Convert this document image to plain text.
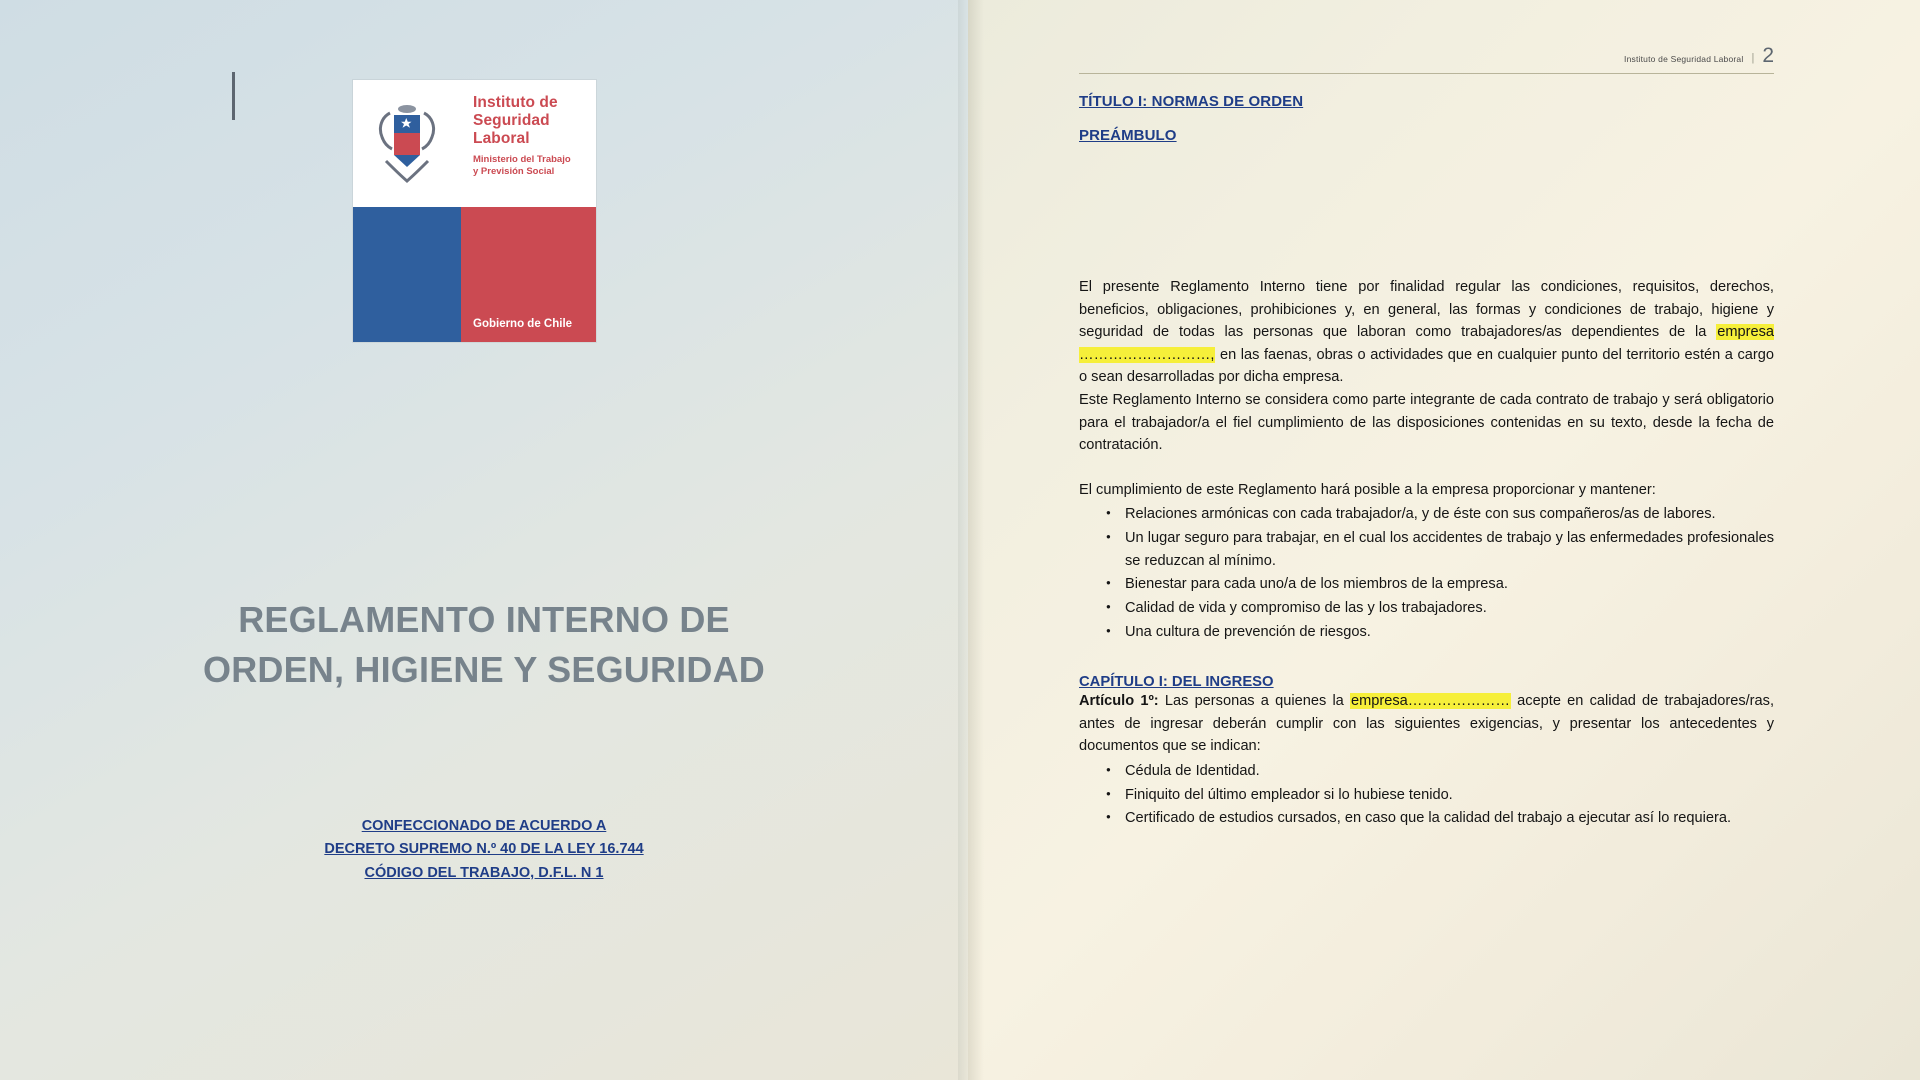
Instituto de
Seguridad
Laboral
Ministerio del Trabajo
y Previsión Social
Gobierno de Chile
REGLAMENTO INTERNO DE
ORDEN, HIGIENE Y SEGURIDAD
CONFECCIONADO DE ACUERDO A
DECRETO SUPREMO N.º 40 DE LA LEY 16.744
CÓDIGO DEL TRABAJO, D.F.L. N 1
Instituto de Seguridad Laboral | 2
TÍTULO I: NORMAS DE ORDEN
PREÁMBULO

El presente Reglamento Interno tiene por finalidad regular las condiciones, requisitos, derechos, beneficios, obligaciones, prohibiciones y, en general, las formas y condiciones de trabajo, higiene y seguridad de todas las personas que laboran como trabajadores/as dependientes de la empresa ………………………, en las faenas, obras o actividades que en cualquier punto del territorio estén a cargo o sean desarrolladas por dicha empresa.

Este Reglamento Interno se considera como parte integrante de cada contrato de trabajo y será obligatorio para el trabajador/a el fiel cumplimiento de las disposiciones contenidas en su texto, desde la fecha de contratación.

El cumplimiento de este Reglamento hará posible a la empresa proporcionar y mantener:

● Relaciones armónicas con cada trabajador/a, y de éste con sus compañeros/as de labores.
● Un lugar seguro para trabajar, en el cual los accidentes de trabajo y las enfermedades profesionales se reduzcan al mínimo.
● Bienestar para cada uno/a de los miembros de la empresa.
● Calidad de vida y compromiso de las y los trabajadores.
● Una cultura de prevención de riesgos.
CAPÍTULO I: DEL INGRESO

Artículo 1º: Las personas a quienes la empresa………………… acepte en calidad de trabajadores/ras, antes de ingresar deberán cumplir con las siguientes exigencias, y presentar los antecedentes y documentos que se indican:

● Cédula de Identidad.
● Finiquito del último empleador si lo hubiese tenido.
● Certificado de estudios cursados, en caso que la calidad del trabajo a ejecutar así lo requiera.
